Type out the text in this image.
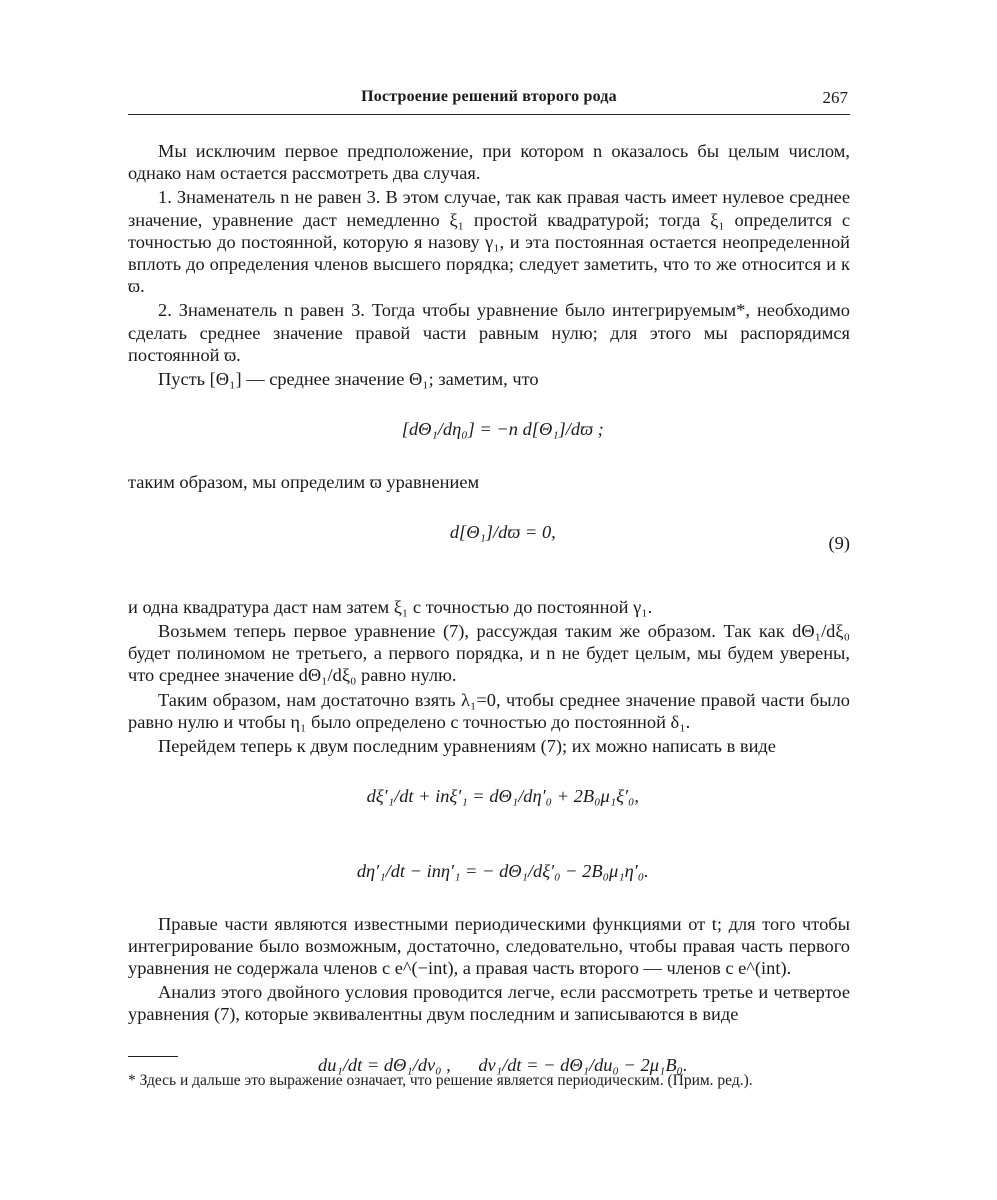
Построение решений второго рода	267

Мы исключим первое предположение, при котором n оказалось бы целым числом, однако нам остается рассмотреть два случая.

1. Знаменатель n не равен 3. В этом случае, так как правая часть имеет нулевое среднее значение, уравнение даст немедленно ξ₁ простой квадратурой; тогда ξ₁ определится с точностью до постоянной, которую я назову γ₁, и эта постоянная остается неопределенной вплоть до определения членов высшего порядка; следует заметить, что то же относится и к ϖ.

2. Знаменатель n равен 3. Тогда чтобы уравнение было интегрируемым*, необходимо сделать среднее значение правой части равным нулю; для этого мы распорядимся постоянной ϖ.

Пусть [Θ₁] — среднее значение Θ₁; заметим, что

[dΘ₁/dη₀] = −n d[Θ₁]/dϖ ;

таким образом, мы определим ϖ уравнением

d[Θ₁]/dϖ = 0,

(9)

и одна квадратура даст нам затем ξ₁ с точностью до постоянной γ₁.

Возьмем теперь первое уравнение (7), рассуждая таким же образом. Так как dΘ₁/dξ₀ будет полиномом не третьего, а первого порядка, и n не будет целым, мы будем уверены, что среднее значение dΘ₁/dξ₀ равно нулю.

Таким образом, нам достаточно взять λ₁=0, чтобы среднее значение правой части было равно нулю и чтобы η₁ было определено с точностью до постоянной δ₁.

Перейдем теперь к двум последним уравнениям (7); их можно написать в виде

dξ′₁/dt + inξ′₁ = dΘ₁/dη′₀ + 2B₀μ₁ξ′₀,

dη′₁/dt − inη′₁ = − dΘ₁/dξ′₀ − 2B₀μ₁η′₀.

Правые части являются известными периодическими функциями от t; для того чтобы интегрирование было возможным, достаточно, следовательно, чтобы правая часть первого уравнения не содержала членов с e^(−int), а правая часть второго — членов с e^(int).

Анализ этого двойного условия проводится легче, если рассмотреть третье и четвертое уравнения (7), которые эквивалентны двум последним и записываются в виде

du₁/dt = dΘ₁/dv₀ ,      dv₁/dt = − dΘ₁/du₀ − 2μ₁B₀.

* Здесь и дальше это выражение означает, что решение является периодическим. (Прим. ред.).
